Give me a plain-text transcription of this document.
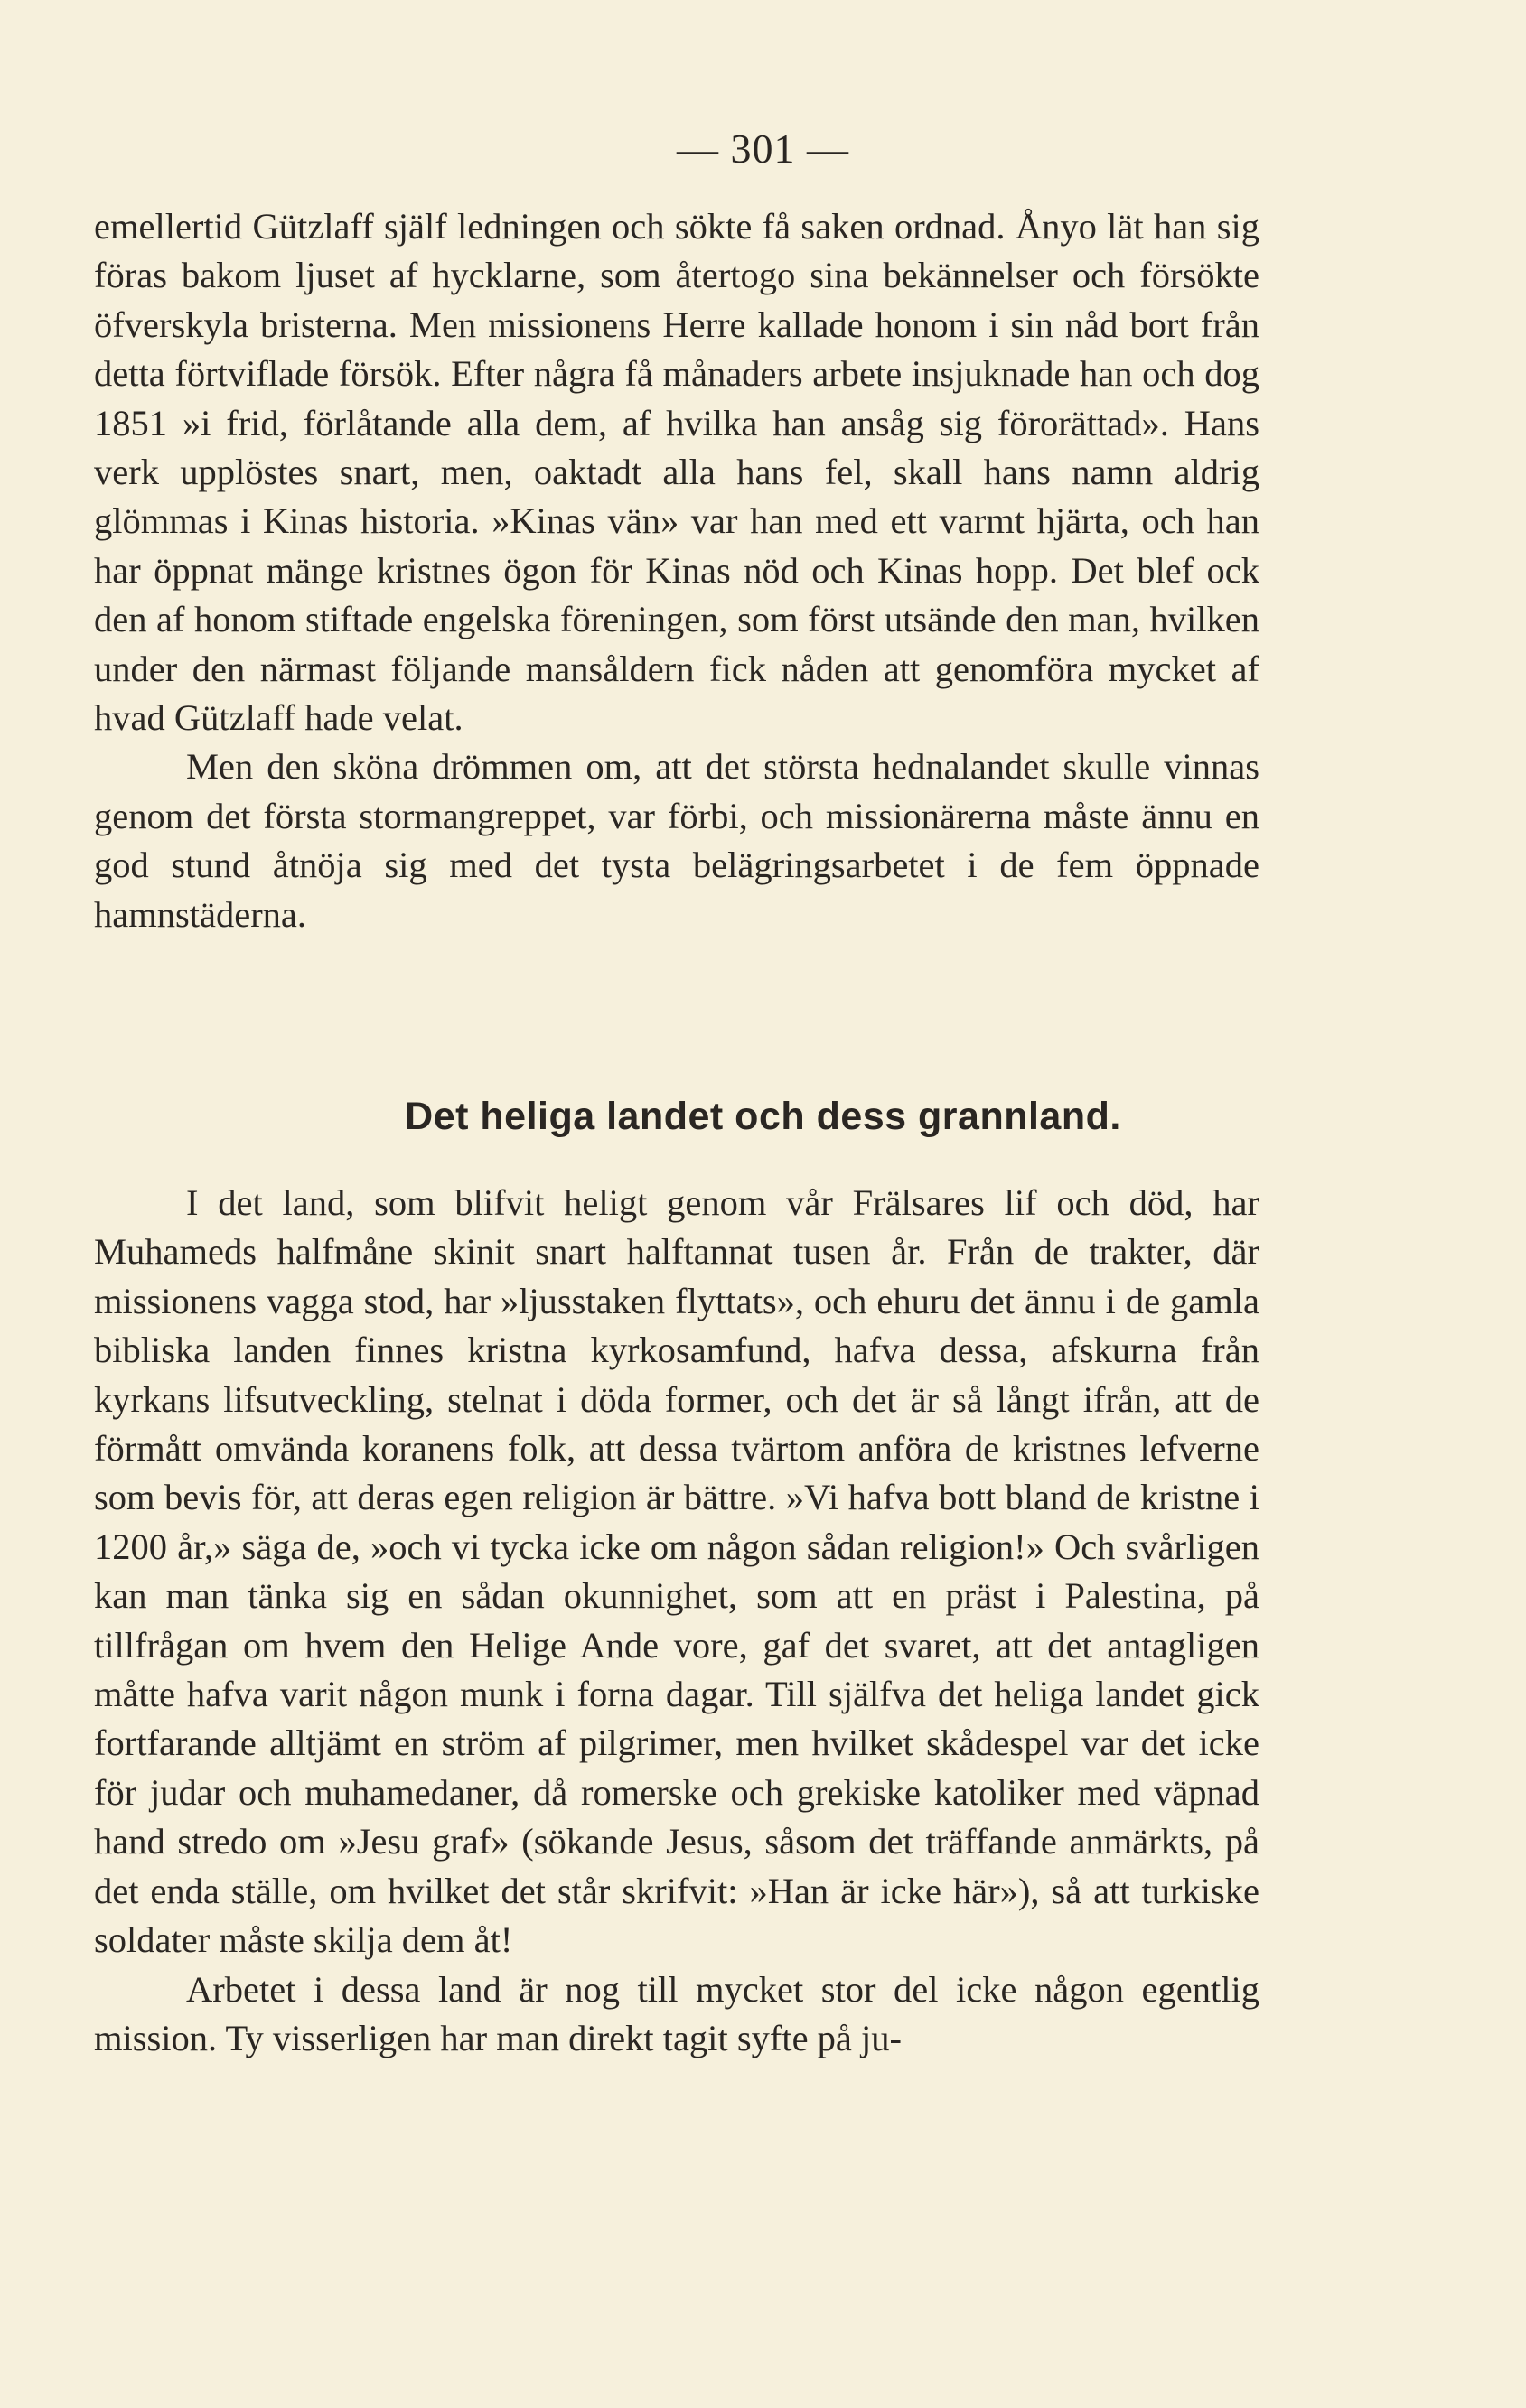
— 301 —

emellertid Gützlaff själf ledningen och sökte få saken ordnad. Ånyo lät han sig föras bakom ljuset af hycklarne, som återtogo sina bekännelser och försökte öfverskyla bristerna. Men missionens Herre kallade honom i sin nåd bort från detta förtviflade försök. Efter några få månaders arbete insjuknade han och dog 1851 »i frid, förlåtande alla dem, af hvilka han ansåg sig förorättad». Hans verk upplöstes snart, men, oaktadt alla hans fel, skall hans namn aldrig glömmas i Kinas historia. »Kinas vän» var han med ett varmt hjärta, och han har öppnat mänge kristnes ögon för Kinas nöd och Kinas hopp. Det blef ock den af honom stiftade engelska föreningen, som först utsände den man, hvilken under den närmast följande mansåldern fick nåden att genomföra mycket af hvad Gützlaff hade velat.

Men den sköna drömmen om, att det största hednalandet skulle vinnas genom det första stormangreppet, var förbi, och missionärerna måste ännu en god stund åtnöja sig med det tysta belägringsarbetet i de fem öppnade hamnstäderna.

Det heliga landet och dess grannland.

I det land, som blifvit heligt genom vår Frälsares lif och död, har Muhameds halfmåne skinit snart halftannat tusen år. Från de trakter, där missionens vagga stod, har »ljusstaken flyttats», och ehuru det ännu i de gamla bibliska landen finnes kristna kyrkosamfund, hafva dessa, afskurna från kyrkans lifsutveckling, stelnat i döda former, och det är så långt ifrån, att de förmått omvända koranens folk, att dessa tvärtom anföra de kristnes lefverne som bevis för, att deras egen religion är bättre. »Vi hafva bott bland de kristne i 1200 år,» säga de, »och vi tycka icke om någon sådan religion!» Och svårligen kan man tänka sig en sådan okunnighet, som att en präst i Palestina, på tillfrågan om hvem den Helige Ande vore, gaf det svaret, att det antagligen måtte hafva varit någon munk i forna dagar. Till själfva det heliga landet gick fortfarande alltjämt en ström af pilgrimer, men hvilket skådespel var det icke för judar och muhamedaner, då romerske och grekiske katoliker med väpnad hand stredo om »Jesu graf» (sökande Jesus, såsom det träffande anmärkts, på det enda ställe, om hvilket det står skrifvit: »Han är icke här»), så att turkiske soldater måste skilja dem åt!

Arbetet i dessa land är nog till mycket stor del icke någon egentlig mission. Ty visserligen har man direkt tagit syfte på ju-
